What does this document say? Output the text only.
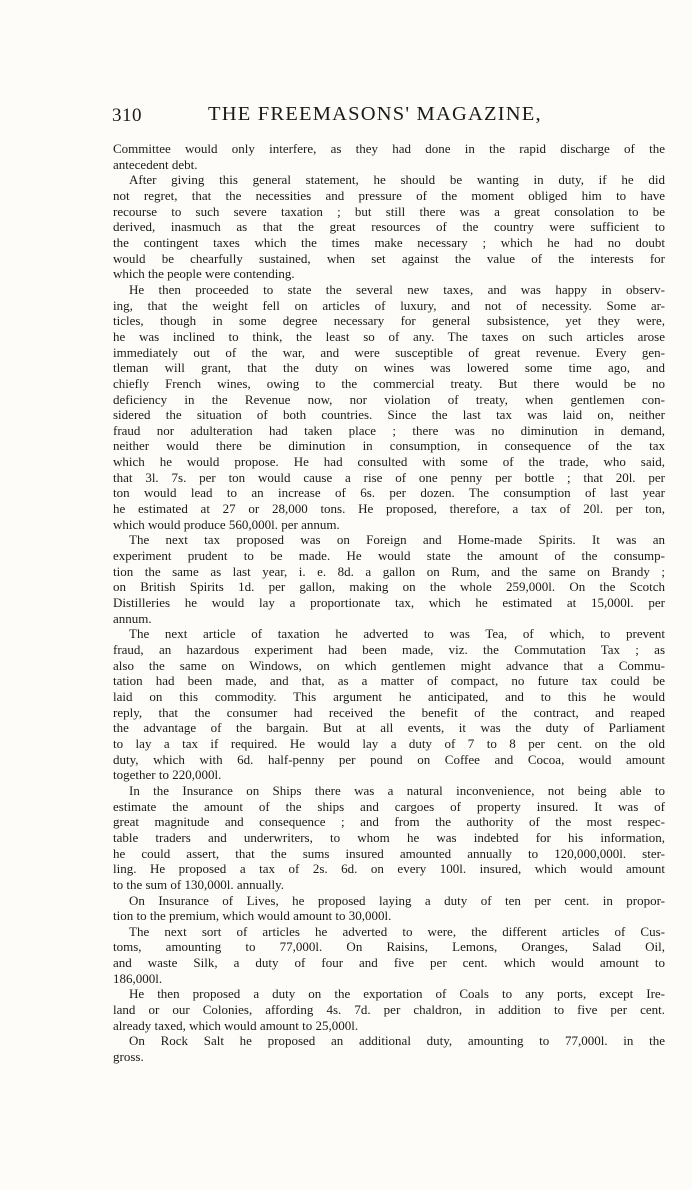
310	THE FREEMASONS' MAGAZINE,
Committee would only interfere, as they had done in the rapid discharge of the
antecedent debt.
After giving this general statement, he should be wanting in duty, if he did
not regret, that the necessities and pressure of the moment obliged him to have
recourse to such severe taxation ; but still there was a great consolation to be
derived, inasmuch as that the great resources of the country were sufficient to
the contingent taxes which the times make necessary ; which he had no doubt
would be chearfully sustained, when set against the value of the interests for
which the people were contending.
He then proceeded to state the several new taxes, and was happy in observ-
ing, that the weight fell on articles of luxury, and not of necessity. Some ar-
ticles, though in some degree necessary for general subsistence, yet they were,
he was inclined to think, the least so of any. The taxes on such articles arose
immediately out of the war, and were susceptible of great revenue. Every gen-
tleman will grant, that the duty on wines was lowered some time ago, and
chiefly French wines, owing to the commercial treaty. But there would be no
deficiency in the Revenue now, nor violation of treaty, when gentlemen con-
sidered the situation of both countries. Since the last tax was laid on, neither
fraud nor adulteration had taken place ; there was no diminution in demand,
neither would there be diminution in consumption, in consequence of the tax
which he would propose. He had consulted with some of the trade, who said,
that 3l. 7s. per ton would cause a rise of one penny per bottle ; that 20l. per
ton would lead to an increase of 6s. per dozen. The consumption of last year
he estimated at 27 or 28,000 tons. He proposed, therefore, a tax of 20l. per ton,
which would produce 560,000l. per annum.
The next tax proposed was on Foreign and Home-made Spirits. It was an
experiment prudent to be made. He would state the amount of the consump-
tion the same as last year, i. e. 8d. a gallon on Rum, and the same on Brandy ;
on British Spirits 1d. per gallon, making on the whole 259,000l. On the Scotch
Distilleries he would lay a proportionate tax, which he estimated at 15,000l. per
annum.
The next article of taxation he adverted to was Tea, of which, to prevent
fraud, an hazardous experiment had been made, viz. the Commutation Tax ; as
also the same on Windows, on which gentlemen might advance that a Commu-
tation had been made, and that, as a matter of compact, no future tax could be
laid on this commodity. This argument he anticipated, and to this he would
reply, that the consumer had received the benefit of the contract, and reaped
the advantage of the bargain. But at all events, it was the duty of Parliament
to lay a tax if required. He would lay a duty of 7 to 8 per cent. on the old
duty, which with 6d. half-penny per pound on Coffee and Cocoa, would amount
together to 220,000l.
In the Insurance on Ships there was a natural inconvenience, not being able to
estimate the amount of the ships and cargoes of property insured. It was of
great magnitude and consequence ; and from the authority of the most respec-
table traders and underwriters, to whom he was indebted for his information,
he could assert, that the sums insured amounted annually to 120,000,000l. ster-
ling. He proposed a tax of 2s. 6d. on every 100l. insured, which would amount
to the sum of 130,000l. annually.
On Insurance of Lives, he proposed laying a duty of ten per cent. in propor-
tion to the premium, which would amount to 30,000l.
The next sort of articles he adverted to were, the different articles of Cus-
toms, amounting to 77,000l. On Raisins, Lemons, Oranges, Salad Oil,
and waste Silk, a duty of four and five per cent. which would amount to
186,000l.
He then proposed a duty on the exportation of Coals to any ports, except Ire-
land or our Colonies, affording 4s. 7d. per chaldron, in addition to five per cent.
already taxed, which would amount to 25,000l.
On Rock Salt he proposed an additional duty, amounting to 77,000l. in the
gross.
